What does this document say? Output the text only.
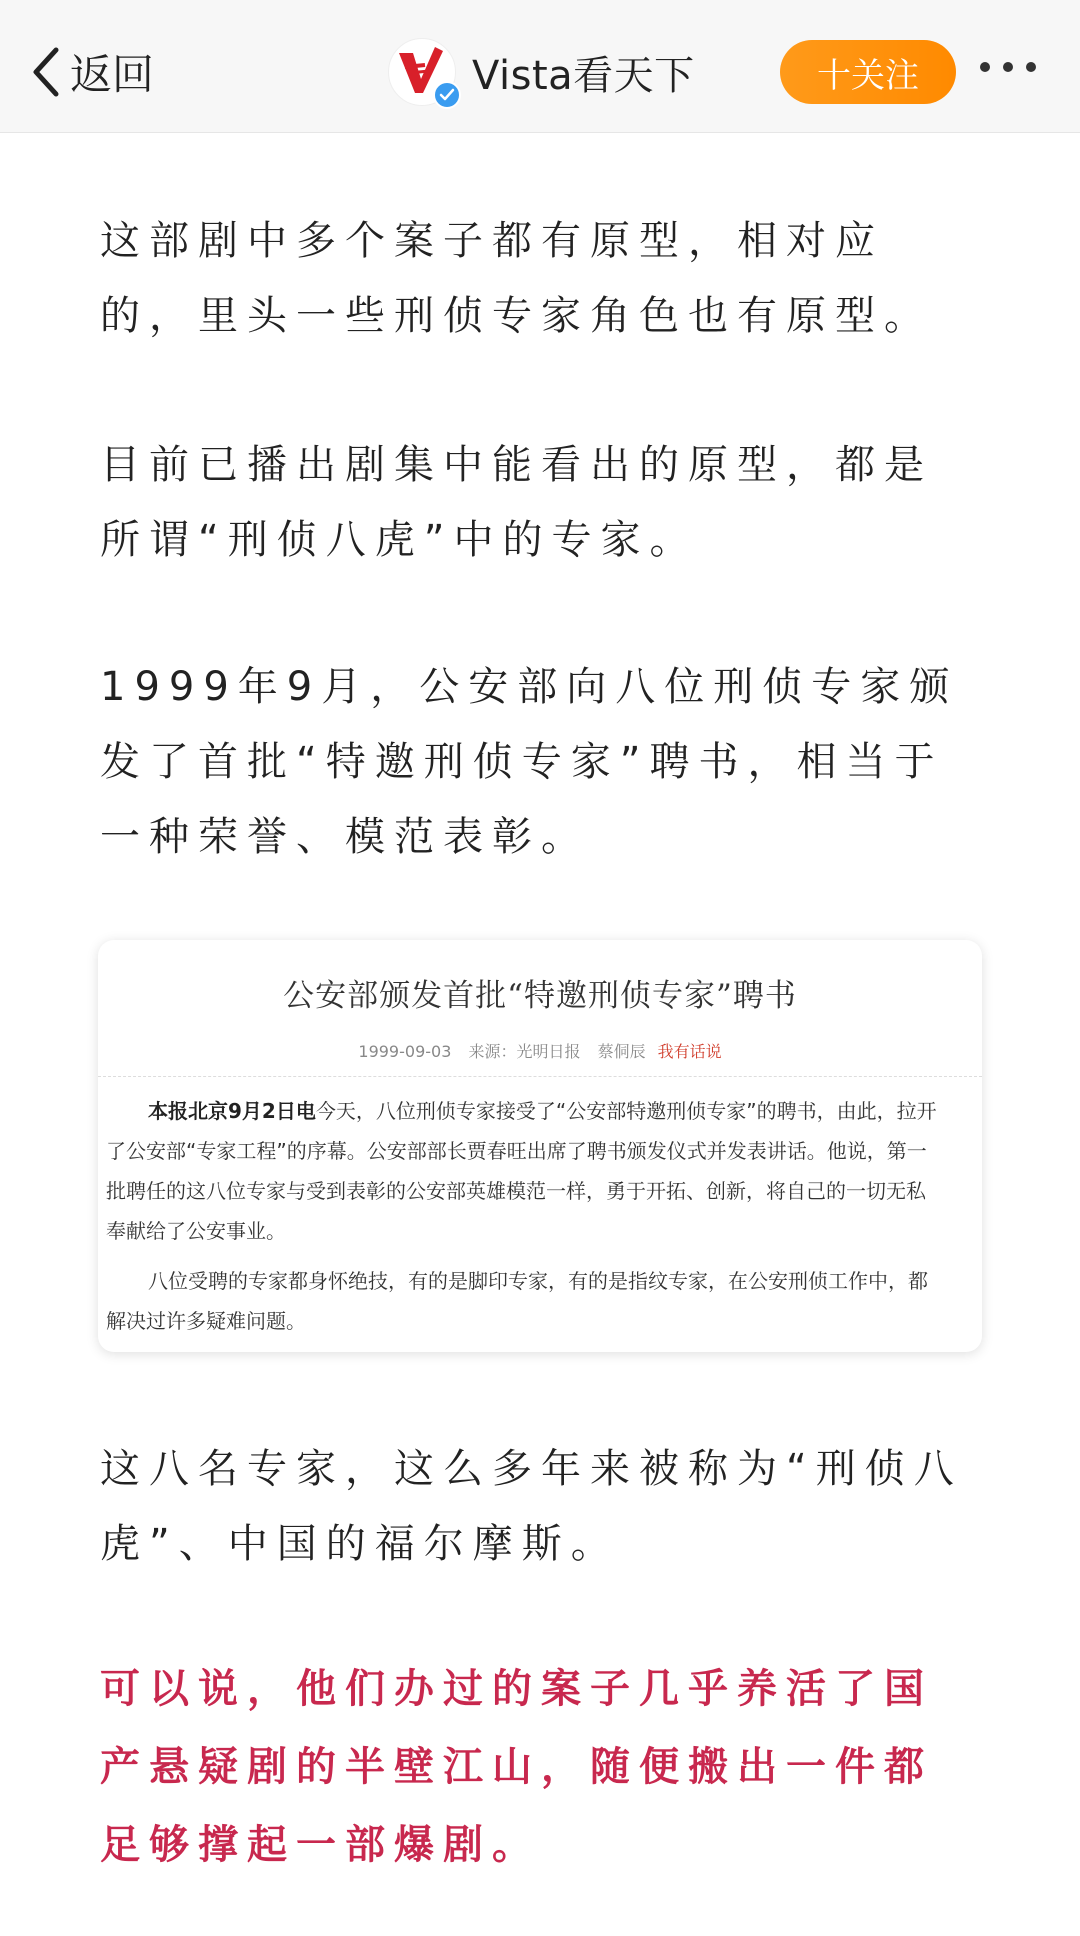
返回	Vista看天下	十关注

这部剧中多个案子都有原型，相对应的，里头一些刑侦专家角色也有原型。

目前已播出剧集中能看出的原型，都是所谓“刑侦八虎”中的专家。

1999年9月，公安部向八位刑侦专家颁发了首批“特邀刑侦专家”聘书，相当于一种荣誉、模范表彰。

公安部颁发首批“特邀刑侦专家”聘书
1999-09-03 来源：光明日报 蔡侗辰 我有话说

本报北京9月2日电今天，八位刑侦专家接受了“公安部特邀刑侦专家”的聘书，由此，拉开了公安部“专家工程”的序幕。公安部部长贾春旺出席了聘书颁发仪式并发表讲话。他说，第一批聘任的这八位专家与受到表彰的公安部英雄模范一样，勇于开拓、创新，将自己的一切无私奉献给了公安事业。

八位受聘的专家都身怀绝技，有的是脚印专家，有的是指纹专家，在公安刑侦工作中，都解决过许多疑难问题。

这八名专家，这么多年来被称为“刑侦八虎”、中国的福尔摩斯。

可以说，他们办过的案子几乎养活了国产悬疑剧的半壁江山，随便搬出一件都足够撑起一部爆剧。
